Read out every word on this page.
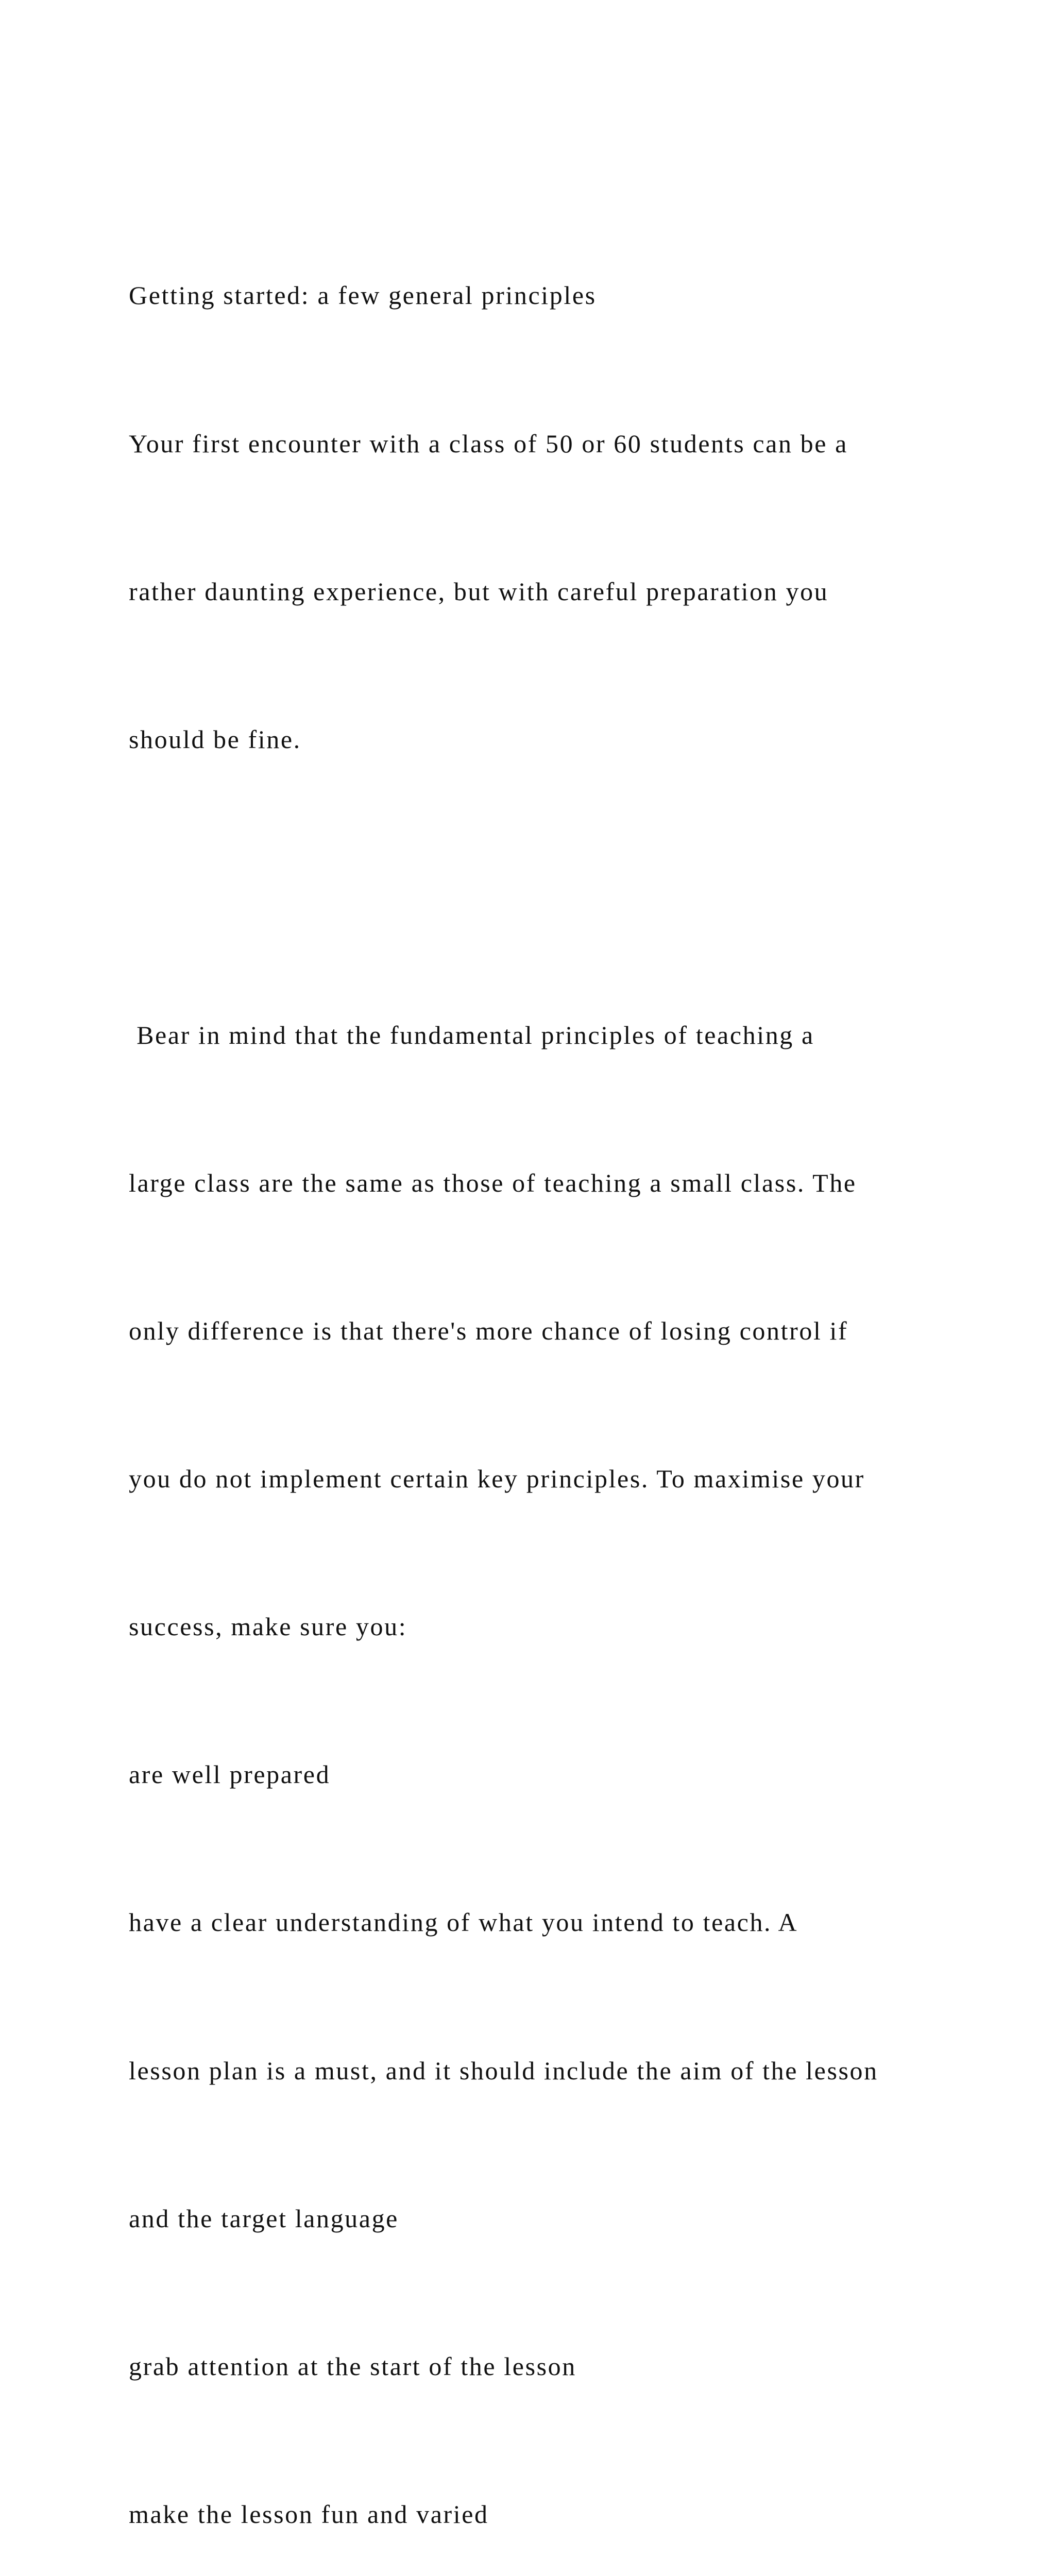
Getting started: a few general principles

Your first encounter with a class of 50 or 60 students can be a

rather daunting experience, but with careful preparation you

should be fine.

Bear in mind that the fundamental principles of teaching a

large class are the same as those of teaching a small class. The

only difference is that there's more chance of losing control if

you do not implement certain key principles. To maximise your

success, make sure you:

are well prepared

have a clear understanding of what you intend to teach. A

lesson plan is a must, and it should include the aim of the lesson

and the target language

grab attention at the start of the lesson

make the lesson fun and varied
